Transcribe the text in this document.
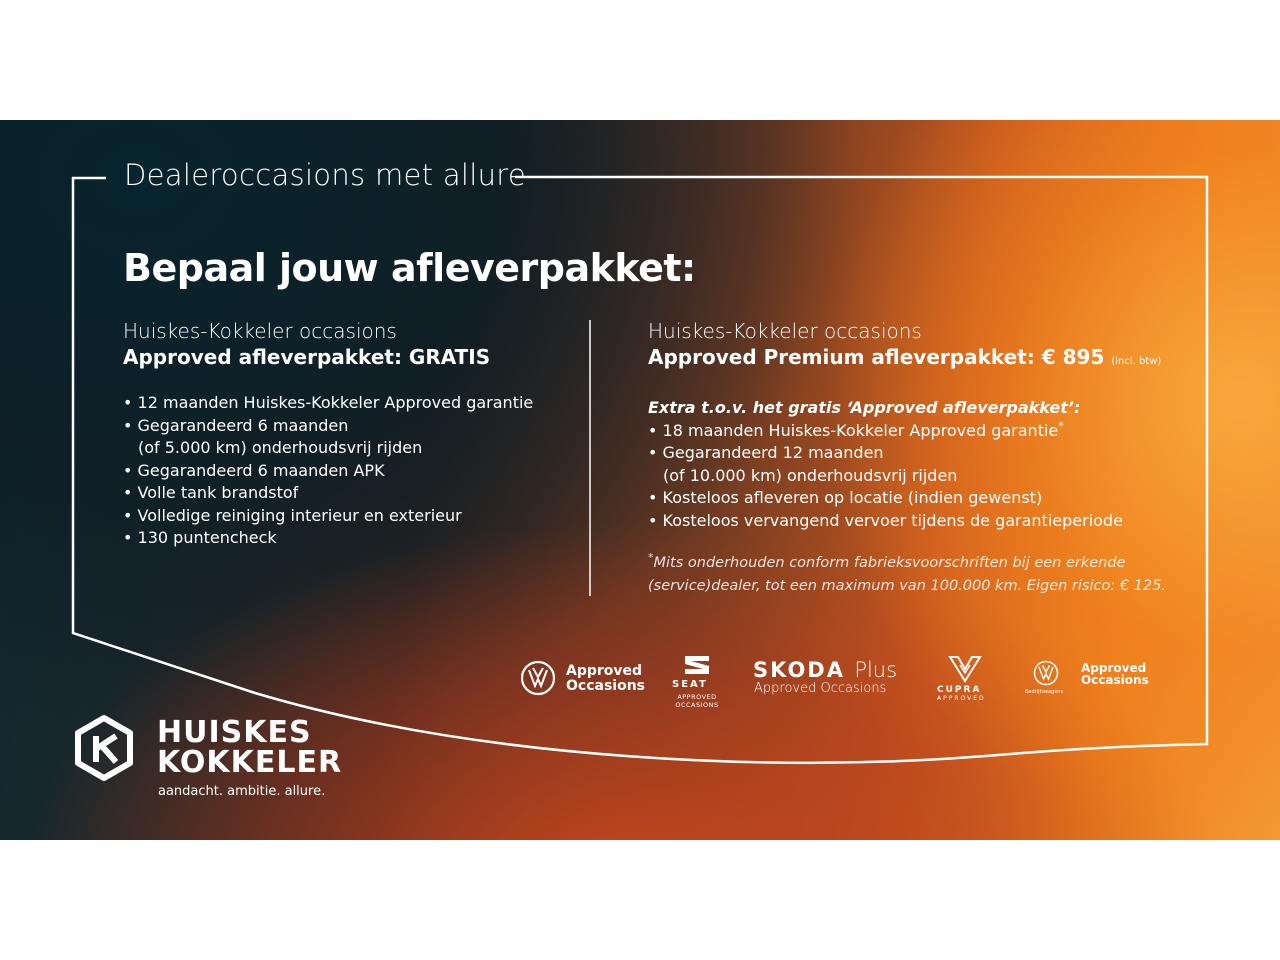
Dealeroccasions met allure
Bepaal jouw afleverpakket:
Huiskes-Kokkeler occasions
Approved afleverpakket: GRATIS
• 12 maanden Huiskes-Kokkeler Approved garantie
• Gegarandeerd 6 maanden
(of 5.000 km) onderhoudsvrij rijden
• Gegarandeerd 6 maanden APK
• Volle tank brandstof
• Volledige reiniging interieur en exterieur
• 130 puntencheck
Huiskes-Kokkeler occasions
Approved Premium afleverpakket: € 895 (incl. btw)
Extra t.o.v. het gratis ‘Approved afleverpakket’:
• 18 maanden Huiskes-Kokkeler Approved garantie*
• Gegarandeerd 12 maanden
(of 10.000 km) onderhoudsvrij rijden
• Kosteloos afleveren op locatie (indien gewenst)
• Kosteloos vervangend vervoer tijdens de garantieperiode
*Mits onderhouden conform fabrieksvoorschriften bij een erkende
(service)dealer, tot een maximum van 100.000 km. Eigen risico: € 125.
Approved
Occasions	SEAT
APPROVED
OCCASIONS
SKODA Plus
Approved Occasions	CUPRA
APPROVED
Bedrijfswagens
Approved
Occasions
HUISKES
KOKKELER
aandacht. ambitie. allure.
